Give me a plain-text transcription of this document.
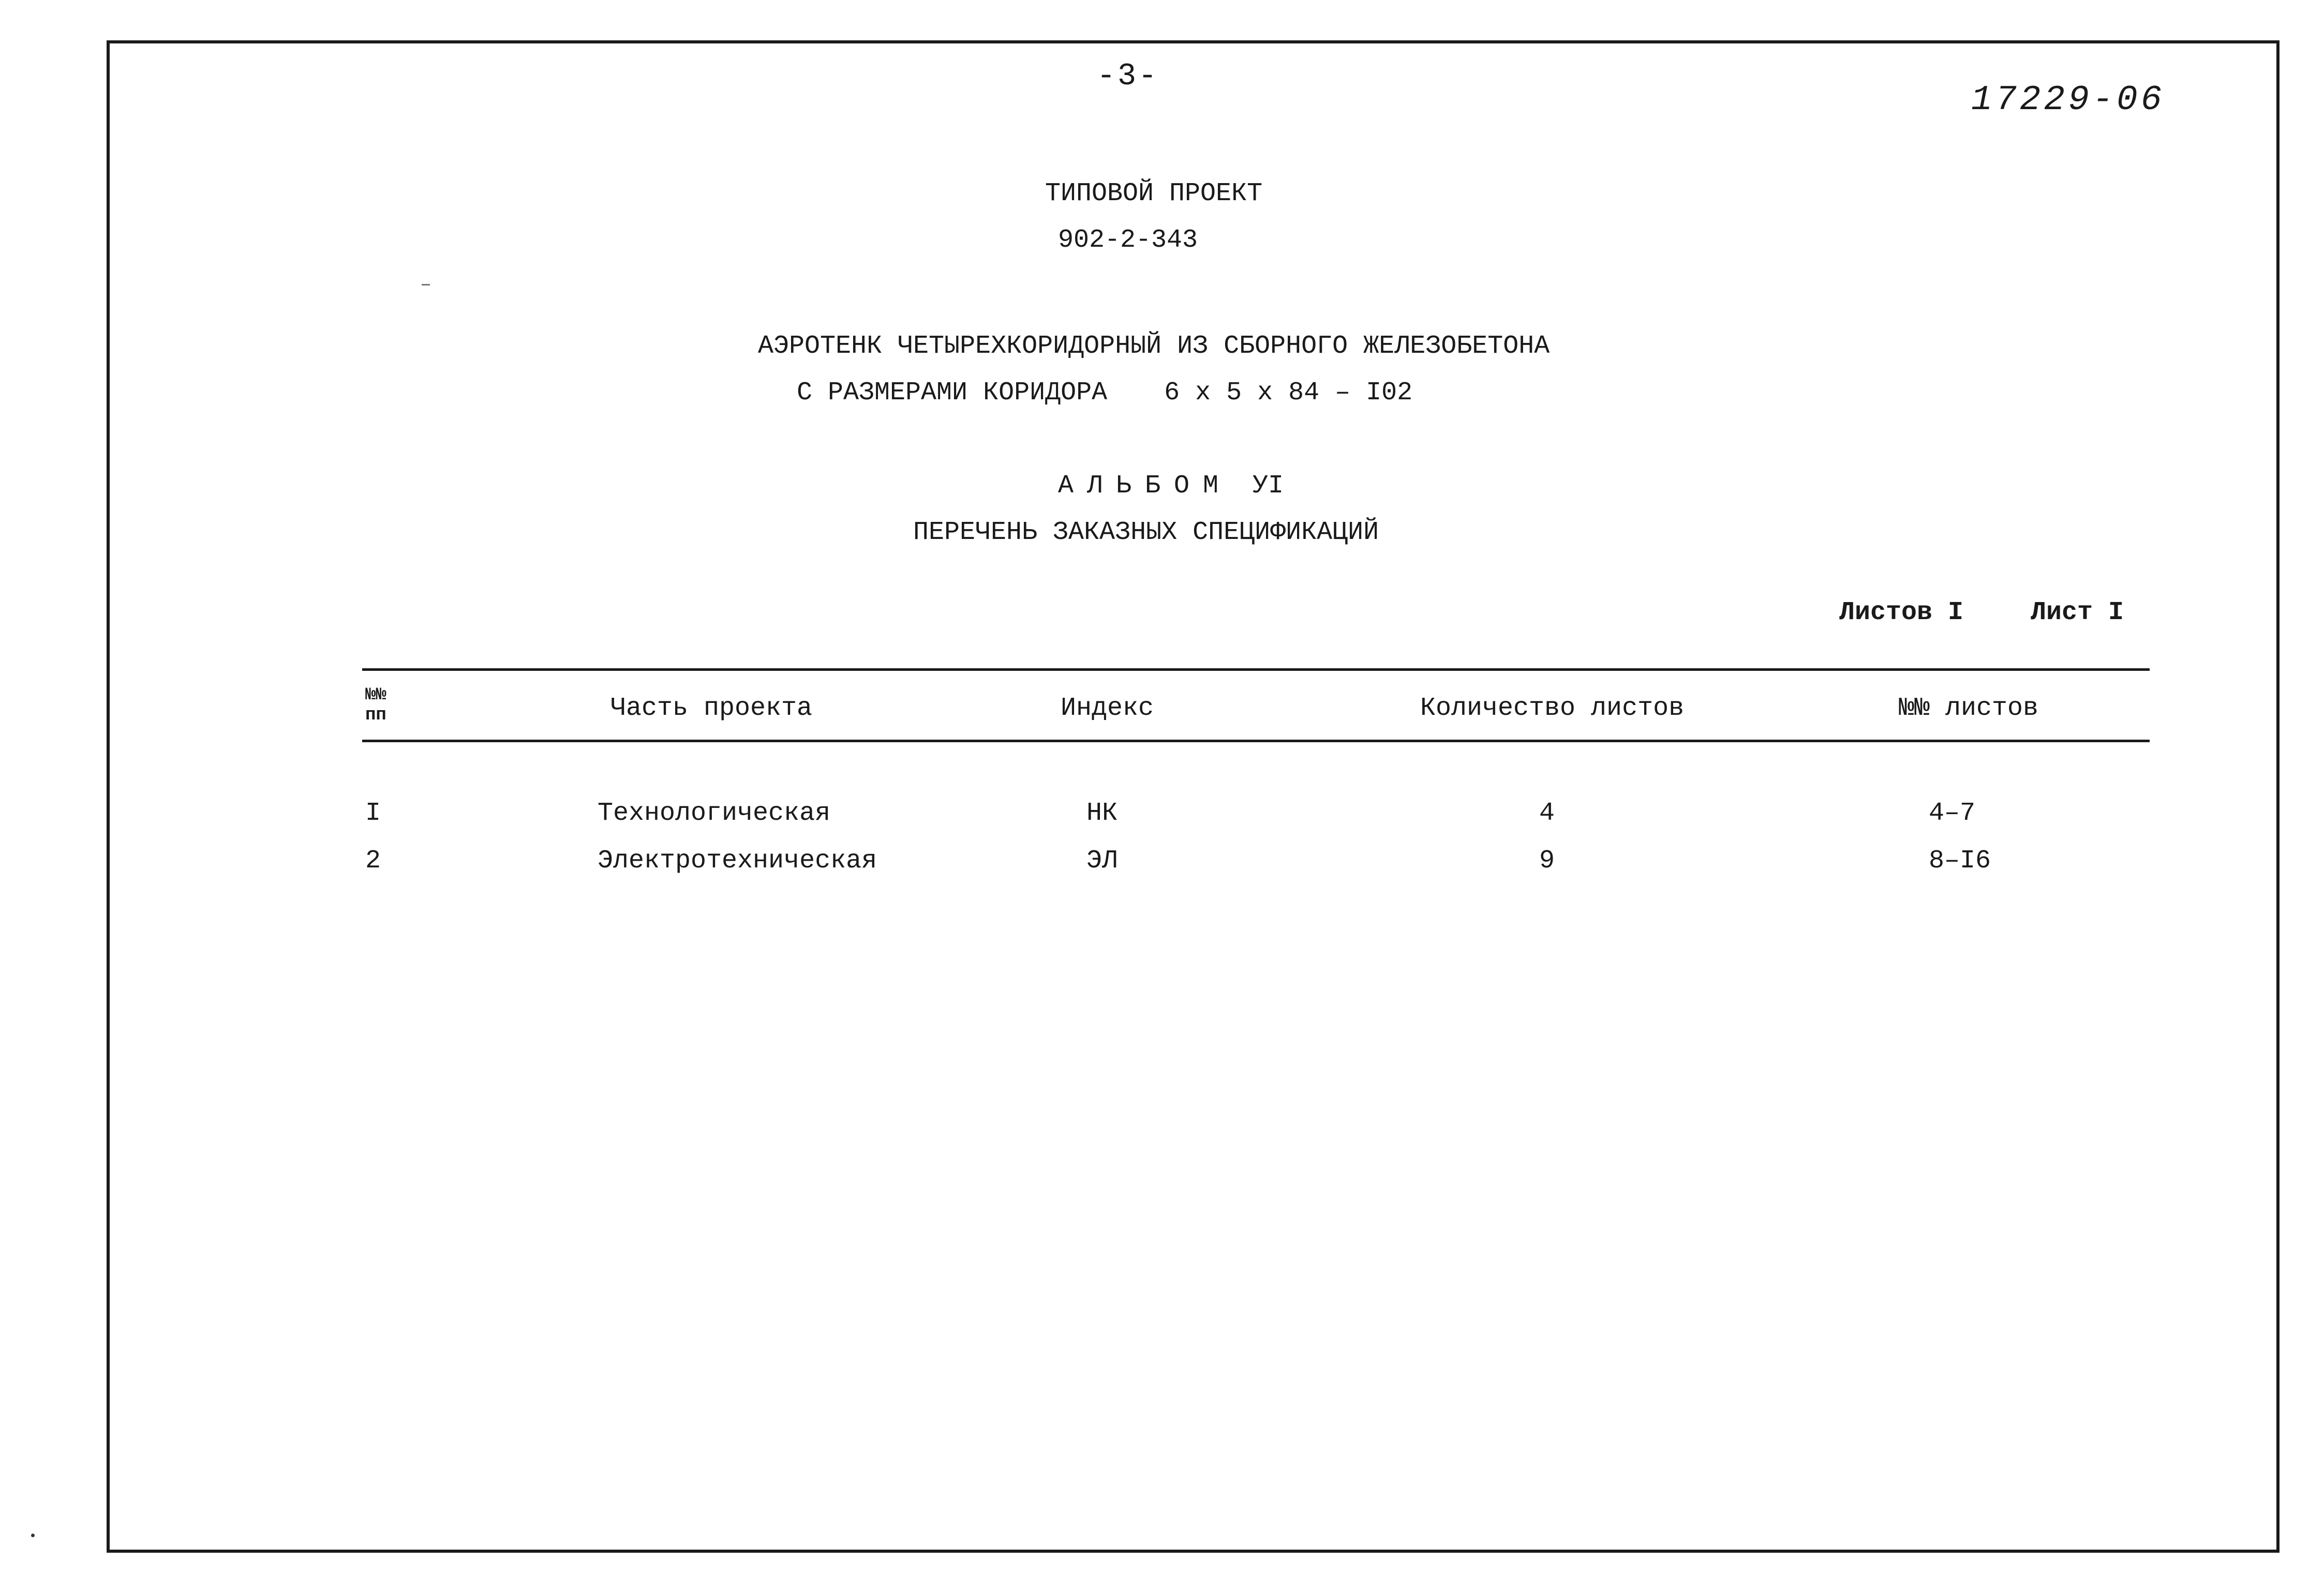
-3-
17229-06
ТИПОВОЙ ПРОЕКТ
902-2-343
АЭРОТЕНК ЧЕТЫРЕХКОРИДОРНЫЙ ИЗ СБОРНОГО ЖЕЛЕЗОБЕТОНА
С РАЗМЕРАМИ КОРИДОРА 6 х 5 х 84 – I02
АЛЬБОМ УI
ПЕРЕЧЕНЬ ЗАКАЗНЫХ СПЕЦИФИКАЦИЙ
Листов I	Лист I
№№ пп	Часть проекта	Индекс	Количество листов	№№ листов
I	Технологическая	НК	4	4–7
2	Электротехническая	ЭЛ	9	8–I6
